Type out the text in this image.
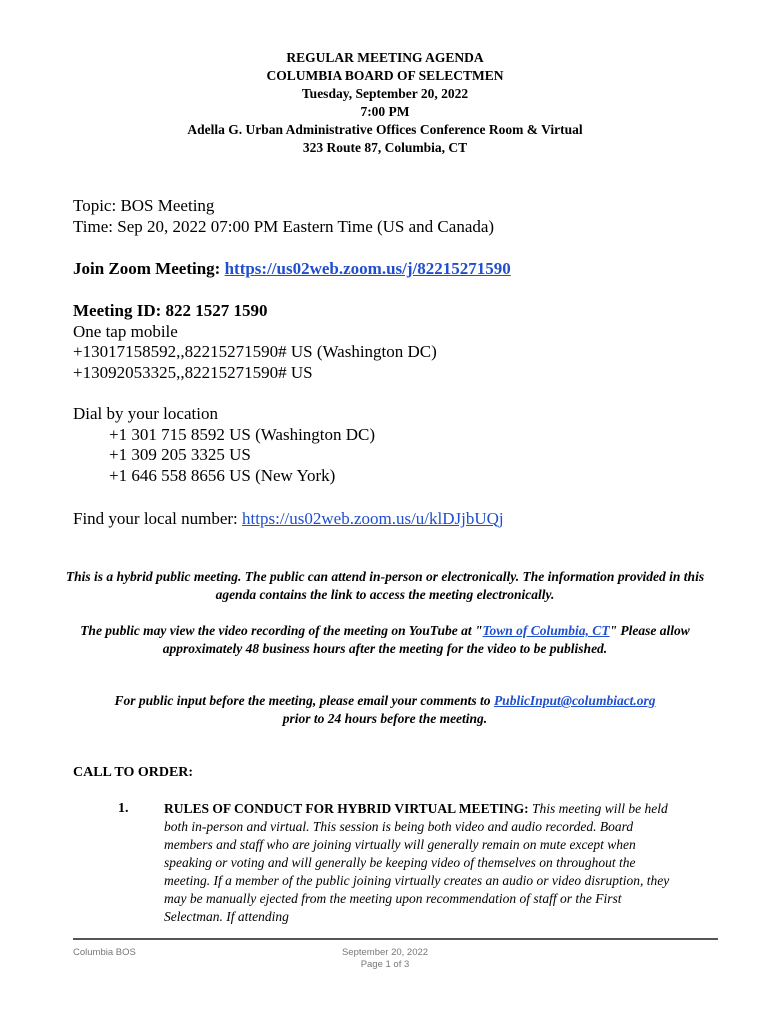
REGULAR MEETING AGENDA
COLUMBIA BOARD OF SELECTMEN
Tuesday, September 20, 2022
7:00 PM
Adella G. Urban Administrative Offices Conference Room & Virtual
323 Route 87, Columbia, CT
Topic: BOS Meeting
Time: Sep 20, 2022 07:00 PM Eastern Time (US and Canada)
Join Zoom Meeting: https://us02web.zoom.us/j/82215271590
Meeting ID: 822 1527 1590
One tap mobile
+13017158592,,82215271590# US (Washington DC)
+13092053325,,82215271590# US
Dial by your location
+1 301 715 8592 US (Washington DC)
+1 309 205 3325 US
+1 646 558 8656 US (New York)
Find your local number: https://us02web.zoom.us/u/klDJjbUQj
This is a hybrid public meeting. The public can attend in-person or electronically. The information provided in this agenda contains the link to access the meeting electronically.
The public may view the video recording of the meeting on YouTube at "Town of Columbia, CT" Please allow approximately 48 business hours after the meeting for the video to be published.
For public input before the meeting, please email your comments to PublicInput@columbiact.org prior to 24 hours before the meeting.
CALL TO ORDER:
1.	RULES OF CONDUCT FOR HYBRID VIRTUAL MEETING: This meeting will be held both in-person and virtual. This session is being both video and audio recorded. Board members and staff who are joining virtually will generally remain on mute except when speaking or voting and will generally be keeping video of themselves on throughout the meeting. If a member of the public joining virtually creates an audio or video disruption, they may be manually ejected from the meeting upon recommendation of staff or the First Selectman. If attending
Columbia BOS	September 20, 2022
Page 1 of 3
